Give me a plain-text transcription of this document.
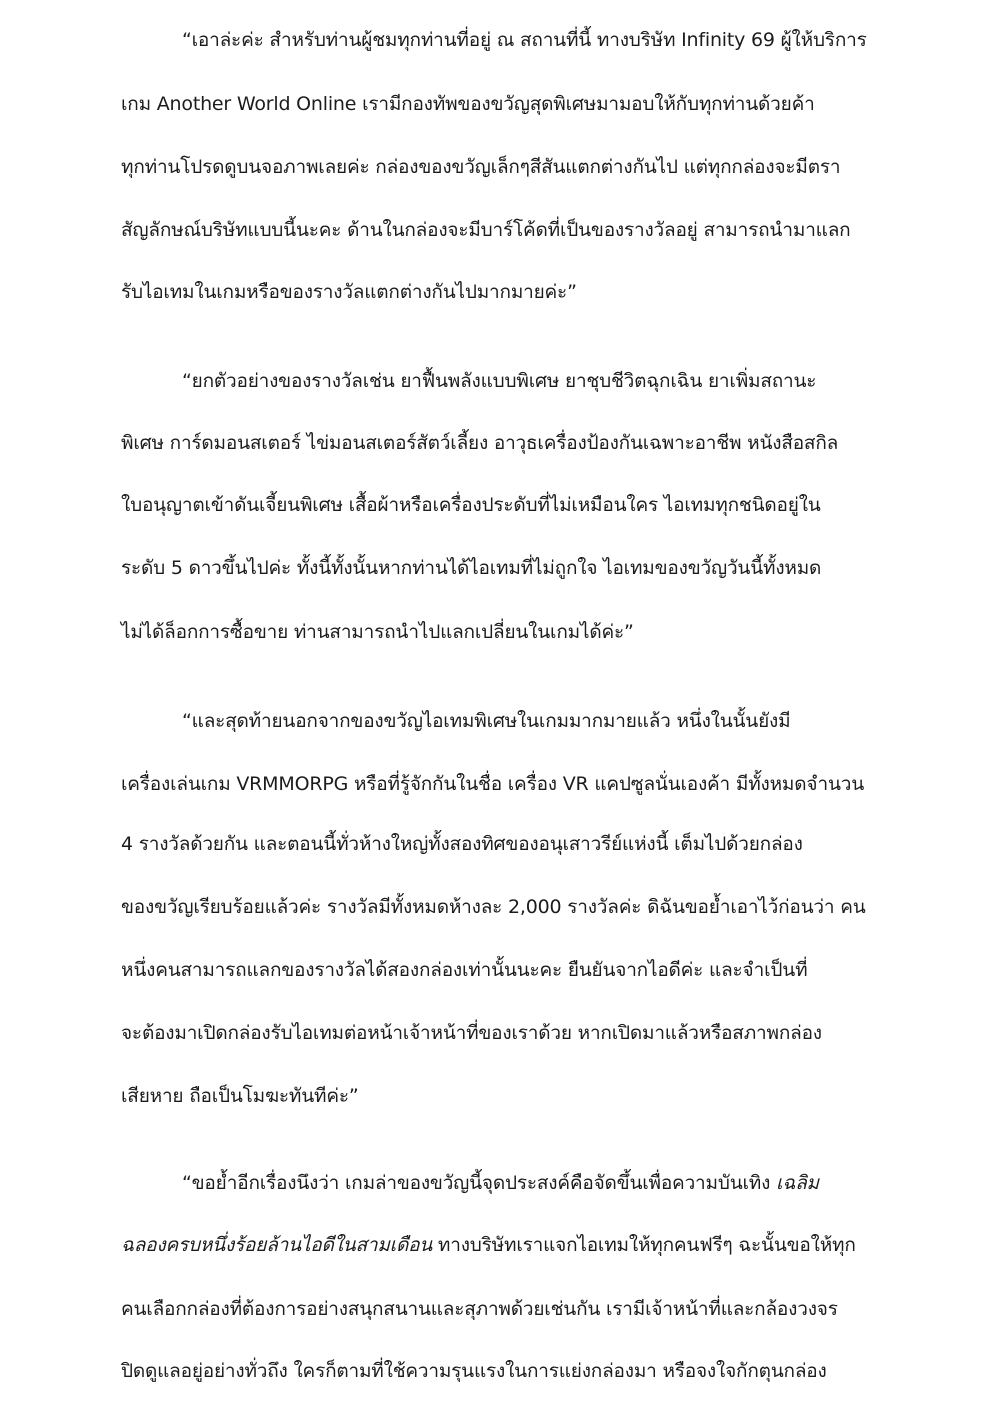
“เอาล่ะค่ะ สำหรับท่านผู้ชมทุกท่านที่อยู่ ณ สถานที่นี้ ทางบริษัท Infinity 69 ผู้ให้บริการ
เกม Another World Online เรามีกองทัพของขวัญสุดพิเศษมามอบให้กับทุกท่านด้วยค้า
ทุกท่านโปรดดูบนจอภาพเลยค่ะ กล่องของขวัญเล็กๆสีสันแตกต่างกันไป แต่ทุกกล่องจะมีตรา
สัญลักษณ์บริษัทแบบนี้นะคะ ด้านในกล่องจะมีบาร์โค้ดที่เป็นของรางวัลอยู่ สามารถนำมาแลก
รับไอเทมในเกมหรือของรางวัลแตกต่างกันไปมากมายค่ะ”
“ยกตัวอย่างของรางวัลเช่น ยาฟื้นพลังแบบพิเศษ ยาชุบชีวิตฉุกเฉิน ยาเพิ่มสถานะ
พิเศษ การ์ดมอนสเตอร์ ไข่มอนสเตอร์สัตว์เลี้ยง อาวุธเครื่องป้องกันเฉพาะอาชีพ หนังสือสกิล
ใบอนุญาตเข้าดันเจี้ยนพิเศษ เสื้อผ้าหรือเครื่องประดับที่ไม่เหมือนใคร ไอเทมทุกชนิดอยู่ใน
ระดับ 5 ดาวขึ้นไปค่ะ ทั้งนี้ทั้งนั้นหากท่านได้ไอเทมที่ไม่ถูกใจ ไอเทมของขวัญวันนี้ทั้งหมด
ไม่ได้ล็อกการซื้อขาย ท่านสามารถนำไปแลกเปลี่ยนในเกมได้ค่ะ”
“และสุดท้ายนอกจากของขวัญไอเทมพิเศษในเกมมากมายแล้ว หนึ่งในนั้นยังมี
เครื่องเล่นเกม VRMMORPG หรือที่รู้จักกันในชื่อ เครื่อง VR แคปซูลนั่นเองค้า มีทั้งหมดจำนวน
4 รางวัลด้วยกัน และตอนนี้ทั่วห้างใหญ่ทั้งสองทิศของอนุเสาวรีย์แห่งนี้ เต็มไปด้วยกล่อง
ของขวัญเรียบร้อยแล้วค่ะ รางวัลมีทั้งหมดห้างละ 2,000 รางวัลค่ะ ดิฉันขอย้ำเอาไว้ก่อนว่า คน
หนึ่งคนสามารถแลกของรางวัลได้สองกล่องเท่านั้นนะคะ ยืนยันจากไอดีค่ะ และจำเป็นที่
จะต้องมาเปิดกล่องรับไอเทมต่อหน้าเจ้าหน้าที่ของเราด้วย หากเปิดมาแล้วหรือสภาพกล่อง
เสียหาย ถือเป็นโมฆะทันทีค่ะ”
“ขอย้ำอีกเรื่องนึงว่า เกมล่าของขวัญนี้จุดประสงค์คือจัดขึ้นเพื่อความบันเทิง เฉลิม
ฉลองครบหนึ่งร้อยล้านไอดีในสามเดือน ทางบริษัทเราแจกไอเทมให้ทุกคนฟรีๆ ฉะนั้นขอให้ทุก
คนเลือกกล่องที่ต้องการอย่างสนุกสนานและสุภาพด้วยเช่นกัน เรามีเจ้าหน้าที่และกล้องวงจร
ปิดดูแลอยู่อย่างทั่วถึง ใครก็ตามที่ใช้ความรุนแรงในการแย่งกล่องมา หรือจงใจกักตุนกล่อง
